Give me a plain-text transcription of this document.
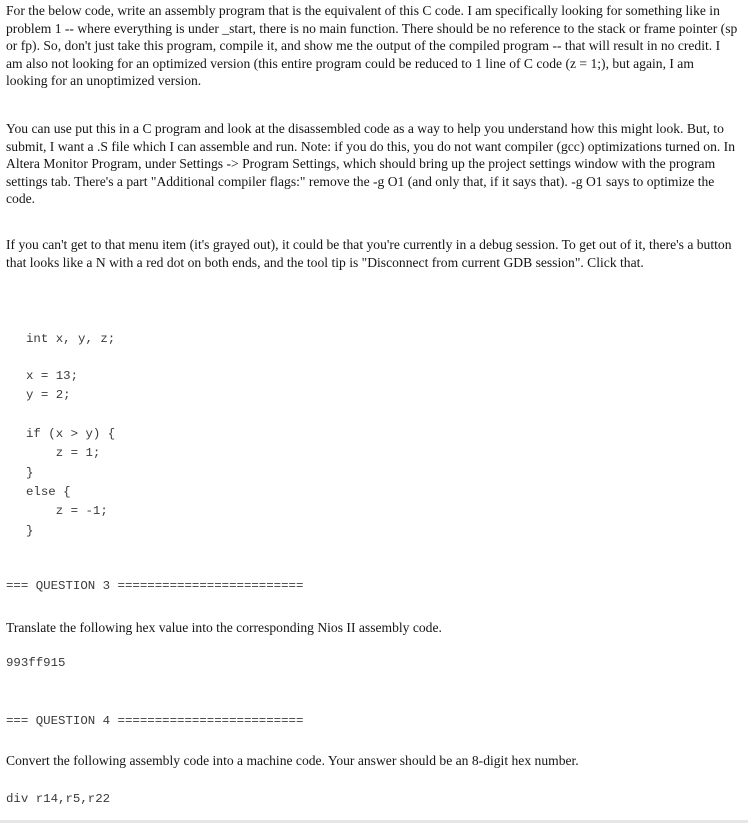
For the below code, write an assembly program that is the equivalent of this C code. I am specifically looking for something like in problem 1 -- where everything is under _start, there is no main function. There should be no reference to the stack or frame pointer (sp or fp). So, don't just take this program, compile it, and show me the output of the compiled program -- that will result in no credit. I am also not looking for an optimized version (this entire program could be reduced to 1 line of C code (z = 1;), but again, I am looking for an unoptimized version.

You can use put this in a C program and look at the disassembled code as a way to help you understand how this might look. But, to submit, I want a .S file which I can assemble and run. Note: if you do this, you do not want compiler (gcc) optimizations turned on. In Altera Monitor Program, under Settings -> Program Settings, which should bring up the project settings window with the program settings tab. There's a part "Additional compiler flags:" remove the -g O1 (and only that, if it says that). -g O1 says to optimize the code.

If you can't get to that menu item (it's grayed out), it could be that you're currently in a debug session. To get out of it, there's a button that looks like a N with a red dot on both ends, and the tool tip is "Disconnect from current GDB session". Click that.

int x, y, z;
x = 13;
y = 2;
if (x > y) {
z = 1;
}
else {
z = -1;
}
=== QUESTION 3 =========================

Translate the following hex value into the corresponding Nios II assembly code.

993ff915
=== QUESTION 4 =========================

Convert the following assembly code into a machine code. Your answer should be an 8-digit hex number.

div r14,r5,r22
